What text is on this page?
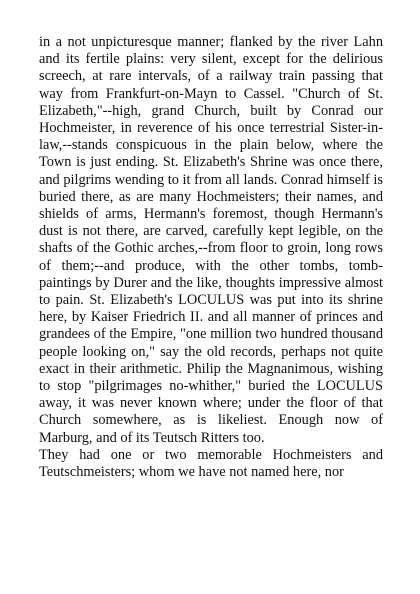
in a not unpicturesque manner; flanked by the river Lahn and its fertile plains: very silent, except for the delirious screech, at rare intervals, of a railway train passing that way from Frankfurt-on-Mayn to Cassel. "Church of St. Elizabeth,"--high, grand Church, built by Conrad our Hochmeister, in reverence of his once terrestrial Sister-in-law,--stands conspicuous in the plain below, where the Town is just ending. St. Elizabeth's Shrine was once there, and pilgrims wending to it from all lands. Conrad himself is buried there, as are many Hochmeisters; their names, and shields of arms, Hermann's foremost, though Hermann's dust is not there, are carved, carefully kept legible, on the shafts of the Gothic arches,--from floor to groin, long rows of them;--and produce, with the other tombs, tomb-paintings by Durer and the like, thoughts impressive almost to pain. St. Elizabeth's LOCULUS was put into its shrine here, by Kaiser Friedrich II. and all manner of princes and grandees of the Empire, "one million two hundred thousand people looking on," say the old records, perhaps not quite exact in their arithmetic. Philip the Magnanimous, wishing to stop "pilgrimages no-whither," buried the LOCULUS away, it was never known where; under the floor of that Church somewhere, as is likeliest. Enough now of Marburg, and of its Teutsch Ritters too.

They had one or two memorable Hochmeisters and Teutschmeisters; whom we have not named here, nor
